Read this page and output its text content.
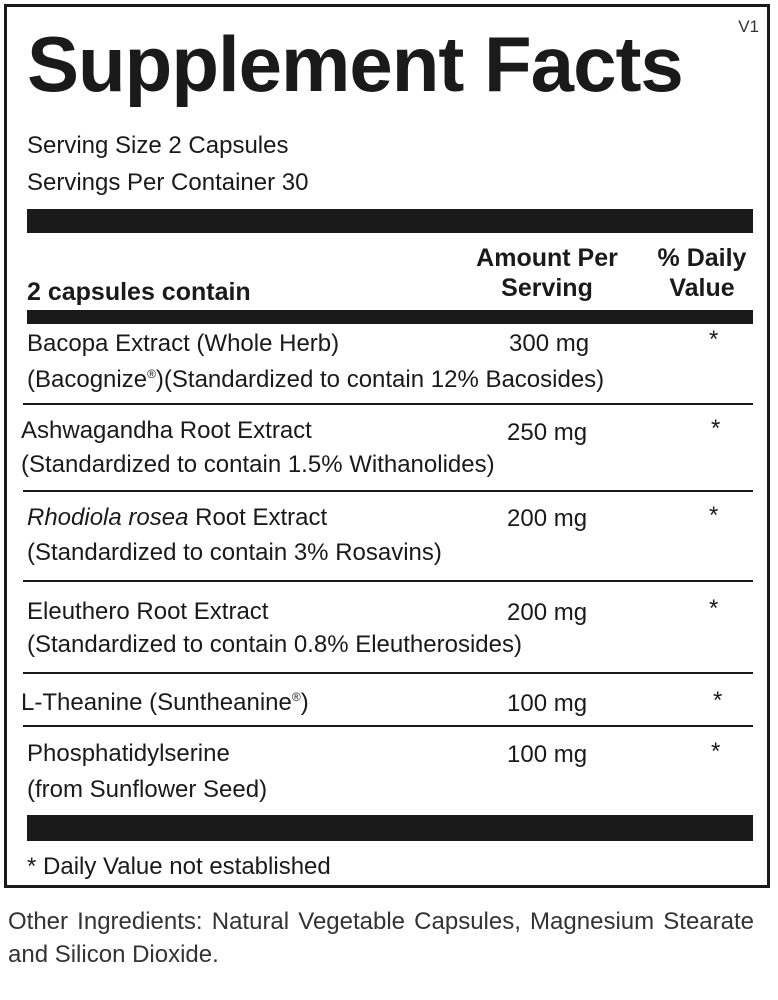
V1
Supplement Facts
Serving Size 2 Capsules
Servings Per Container 30
2 capsules contain
Amount Per
Serving
% Daily
Value
Bacopa Extract (Whole Herb)	300 mg	*
(Bacognize®)(Standardized to contain 12% Bacosides)
Ashwagandha Root Extract	250 mg	*
(Standardized to contain 1.5% Withanolides)
Rhodiola rosea Root Extract	200 mg	*
(Standardized to contain 3% Rosavins)
Eleuthero Root Extract	200 mg	*
(Standardized to contain 0.8% Eleutherosides)
L-Theanine (Suntheanine®)	100 mg	*
Phosphatidylserine	100 mg	*
(from Sunflower Seed)
* Daily Value not established
Other Ingredients: Natural Vegetable Capsules, Magnesium Stearate and Silicon Dioxide.
